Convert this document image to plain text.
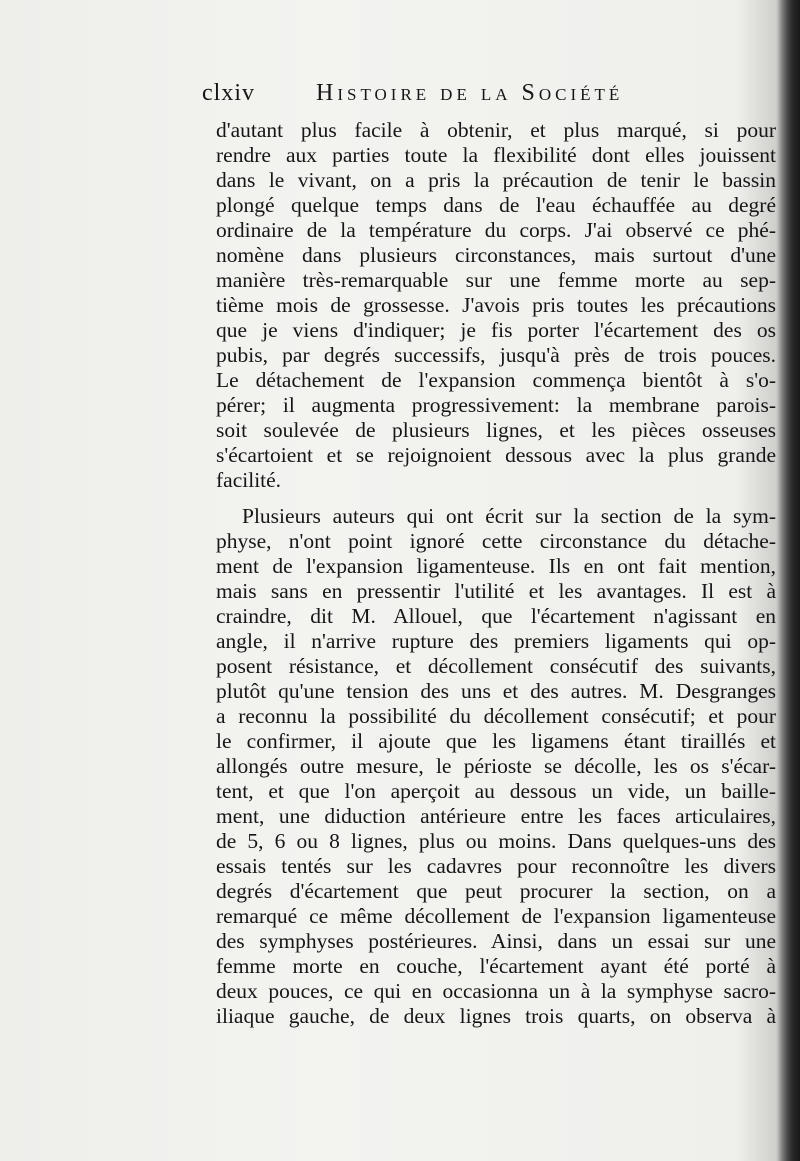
clxiv	Histoire de la Société
d'autant plus facile à obtenir, et plus marqué, si pour
rendre aux parties toute la flexibilité dont elles jouissent
dans le vivant, on a pris la précaution de tenir le bassin
plongé quelque temps dans de l'eau échauffée au degré
ordinaire de la température du corps. J'ai observé ce phé-
nomène dans plusieurs circonstances, mais surtout d'une
manière très-remarquable sur une femme morte au sep-
tième mois de grossesse. J'avois pris toutes les précautions
que je viens d'indiquer; je fis porter l'écartement des os
pubis, par degrés successifs, jusqu'à près de trois pouces.
Le détachement de l'expansion commença bientôt à s'o-
pérer; il augmenta progressivement: la membrane parois-
soit soulevée de plusieurs lignes, et les pièces osseuses
s'écartoient et se rejoignoient dessous avec la plus grande
facilité.
Plusieurs auteurs qui ont écrit sur la section de la sym-
physe, n'ont point ignoré cette circonstance du détache-
ment de l'expansion ligamenteuse. Ils en ont fait mention,
mais sans en pressentir l'utilité et les avantages. Il est à
craindre, dit M. Allouel, que l'écartement n'agissant en
angle, il n'arrive rupture des premiers ligaments qui op-
posent résistance, et décollement consécutif des suivants,
plutôt qu'une tension des uns et des autres. M. Desgranges
a reconnu la possibilité du décollement consécutif; et pour
le confirmer, il ajoute que les ligamens étant tiraillés et
allongés outre mesure, le périoste se décolle, les os s'écar-
tent, et que l'on aperçoit au dessous un vide, un baille-
ment, une diduction antérieure entre les faces articulaires,
de 5, 6 ou 8 lignes, plus ou moins. Dans quelques-uns des
essais tentés sur les cadavres pour reconnoître les divers
degrés d'écartement que peut procurer la section, on a
remarqué ce même décollement de l'expansion ligamenteuse
des symphyses postérieures. Ainsi, dans un essai sur une
femme morte en couche, l'écartement ayant été porté à
deux pouces, ce qui en occasionna un à la symphyse sacro-
iliaque gauche, de deux lignes trois quarts, on observa à
